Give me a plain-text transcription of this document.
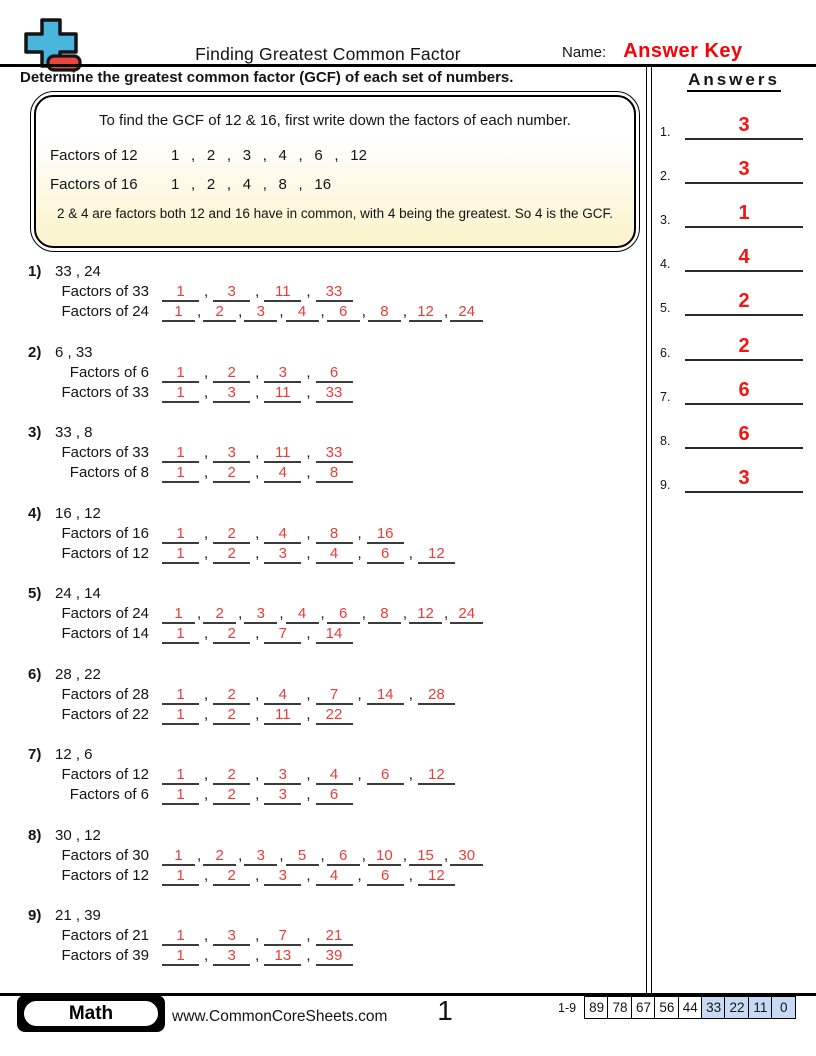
Finding Greatest Common Factor	Name: Answer Key
Determine the greatest common factor (GCF) of each set of numbers.
To find the GCF of 12 & 16, first write down the factors of each number.
Factors of 12 1 , 2 , 3 , 4 , 6 , 12
Factors of 16 1 , 2 , 4 , 8 , 16
2 & 4 are factors both 12 and 16 have in common, with 4 being the greatest. So 4 is the GCF.
1) 33 , 24
Factors of 33 1 , 3 , 11 , 33
Factors of 24 1 , 2 , 3 , 4 , 6 , 8 , 12 , 24
2) 6 , 33
Factors of 6 1 , 2 , 3 , 6
Factors of 33 1 , 3 , 11 , 33
3) 33 , 8
Factors of 33 1 , 3 , 11 , 33
Factors of 8 1 , 2 , 4 , 8
4) 16 , 12
Factors of 16 1 , 2 , 4 , 8 , 16
Factors of 12 1 , 2 , 3 , 4 , 6 , 12
5) 24 , 14
Factors of 24 1 , 2 , 3 , 4 , 6 , 8 , 12 , 24
Factors of 14 1 , 2 , 7 , 14
6) 28 , 22
Factors of 28 1 , 2 , 4 , 7 , 14 , 28
Factors of 22 1 , 2 , 11 , 22
7) 12 , 6
Factors of 12 1 , 2 , 3 , 4 , 6 , 12
Factors of 6 1 , 2 , 3 , 6
8) 30 , 12
Factors of 30 1 , 2 , 3 , 5 , 6 , 10 , 15 , 30
Factors of 12 1 , 2 , 3 , 4 , 6 , 12
9) 21 , 39
Factors of 21 1 , 3 , 7 , 21
Factors of 39 1 , 3 , 13 , 39
Answers
1.	3
2.	3
3.	1
4.	4
5.	2
6.	2
7.	6
8.	6
9.	3
Math	www.CommonCoreSheets.com	1	1-9 89 78 67 56 44 33 22 11 0
